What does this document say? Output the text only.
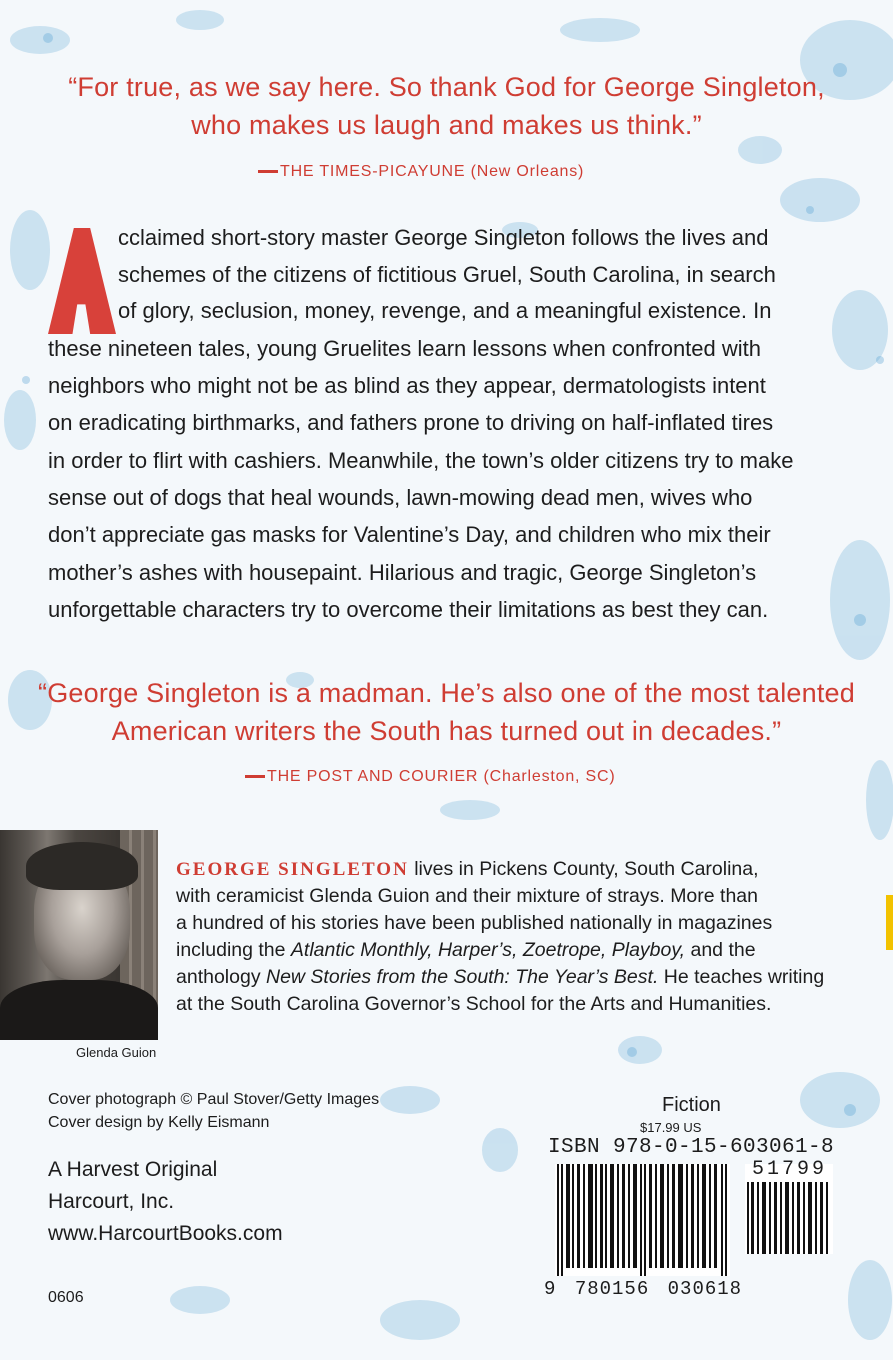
“For true, as we say here. So thank God for George Singleton,
who makes us laugh and makes us think.”
THE TIMES-PICAYUNE (New Orleans)
cclaimed short-story master George Singleton follows the lives and
schemes of the citizens of fictitious Gruel, South Carolina, in search
of glory, seclusion, money, revenge, and a meaningful existence. In
these nineteen tales, young Gruelites learn lessons when confronted with
neighbors who might not be as blind as they appear, dermatologists intent
on eradicating birthmarks, and fathers prone to driving on half-inflated tires
in order to flirt with cashiers. Meanwhile, the town’s older citizens try to make
sense out of dogs that heal wounds, lawn-mowing dead men, wives who
don’t appreciate gas masks for Valentine’s Day, and children who mix their
mother’s ashes with housepaint. Hilarious and tragic, George Singleton’s
unforgettable characters try to overcome their limitations as best they can.
“George Singleton is a madman. He’s also one of the most talented
American writers the South has turned out in decades.”
THE POST AND COURIER (Charleston, SC)
Glenda Guion
GEORGE SINGLETON lives in Pickens County, South Carolina,
with ceramicist Glenda Guion and their mixture of strays. More than
a hundred of his stories have been published nationally in magazines
including the Atlantic Monthly, Harper’s, Zoetrope, Playboy, and the
anthology New Stories from the South: The Year’s Best. He teaches writing
at the South Carolina Governor’s School for the Arts and Humanities.
Cover photograph © Paul Stover/Getty Images
Cover design by Kelly Eismann
A Harvest Original
Harcourt, Inc.
www.HarcourtBooks.com
0606
Fiction
$17.99 US
ISBN 978-0-15-603061-8
51799
9 780156 030618
